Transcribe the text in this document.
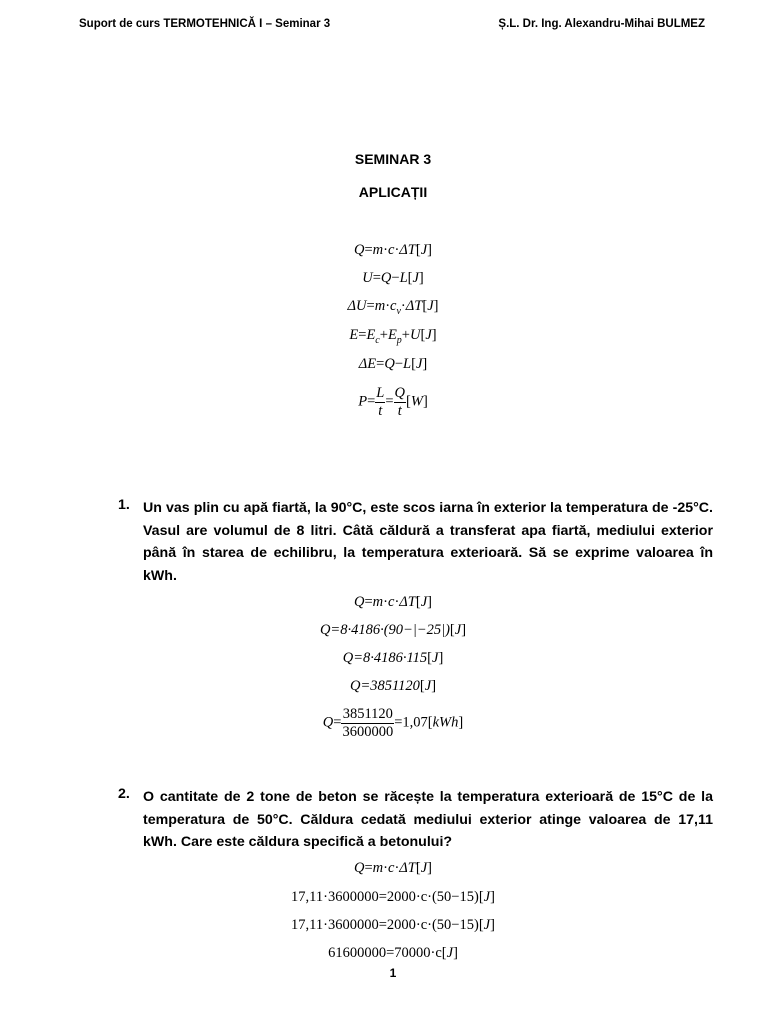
Suport de curs TERMOTEHNICĂ I – Seminar 3	Ș.L. Dr. Ing. Alexandru-Mihai BULMEZ
SEMINAR 3
APLICAȚII
Q=m·c·ΔT[J]
U=Q−L[J]
$\Delta U=m\cdot c_v\cdot\Delta T[J]$
$E=E_c+E_p+U[J]$
ΔE=Q−L[J]
$P= \frac{L}{t} = \frac{Q}{t} [W]$
1. Un vas plin cu apă fiartă, la 90°C, este scos iarna în exterior la temperatura de -25°C. Vasul are volumul de 8 litri. Câtă căldură a transferat apa fiartă, mediului exterior până în starea de echilibru, la temperatura exterioară. Să se exprime valoarea în kWh.
Q=m·c·ΔT[J]
Q=8·4186·(90−|−25|)[J]
Q=8·4186·115[J]
Q=3851120[J]
$Q= \frac{3851120}{3600000} =1,07[kWh]$
2. O cantitate de 2 tone de beton se răcește la temperatura exterioară de 15°C de la temperatura de 50°C. Căldura cedată mediului exterior atinge valoarea de 17,11 kWh. Care este căldura specifică a betonului?
Q=m·c·ΔT[J]
17,11·3600000=2000·c·(50−15)[J]
17,11·3600000=2000·c·(50−15)[J]
61600000=70000·c[J]
1
